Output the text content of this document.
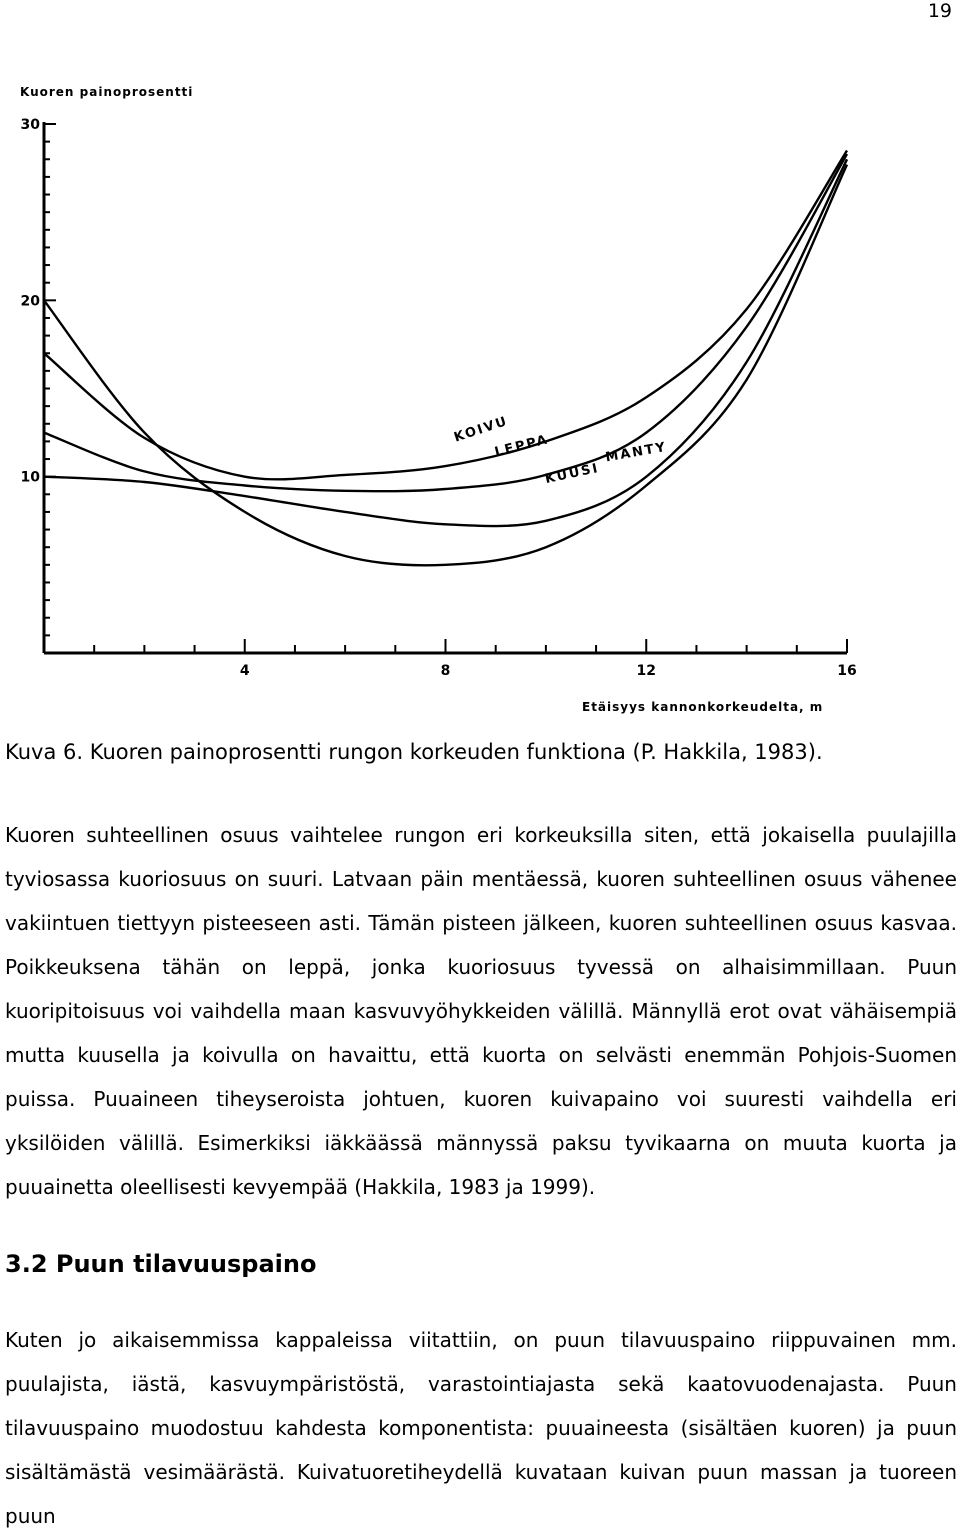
19
Kuoren painoprosentti
Etäisyys kannonkorkeudelta, m
4	8	12	16
10
20
30
KOIVU
LEPPA
KUUSI
MANTY
Kuva 6. Kuoren painoprosentti rungon korkeuden funktiona (P. Hakkila, 1983).

Kuoren suhteellinen osuus vaihtelee rungon eri korkeuksilla siten, että jokaisella puulajilla tyviosassa kuoriosuus on suuri. Latvaan päin mentäessä, kuoren suhteellinen osuus vähenee vakiintuen tiettyyn pisteeseen asti. Tämän pisteen jälkeen, kuoren suhteellinen osuus kasvaa. Poikkeuksena tähän on leppä, jonka kuoriosuus tyvessä on alhaisimmillaan. Puun kuoripitoisuus voi vaihdella maan kasvuvyöhykkeiden välillä. Männyllä erot ovat vähäisempiä mutta kuusella ja koivulla on havaittu, että kuorta on selvästi enemmän Pohjois-Suomen puissa. Puuaineen tiheyseroista johtuen, kuoren kuivapaino voi suuresti vaihdella eri yksilöiden välillä. Esimerkiksi iäkkäässä männyssä paksu tyvikaarna on muuta kuorta ja puuainetta oleellisesti kevyempää (Hakkila, 1983 ja 1999).

3.2 Puun tilavuuspaino

Kuten jo aikaisemmissa kappaleissa viitattiin, on puun tilavuuspaino riippuvainen mm. puulajista, iästä, kasvuympäristöstä, varastointiajasta sekä kaatovuodenajasta. Puun tilavuuspaino muodostuu kahdesta komponentista: puuaineesta (sisältäen kuoren) ja puun sisältämästä vesimäärästä. Kuivatuoretiheydellä kuvataan kuivan puun massan ja tuoreen puun
